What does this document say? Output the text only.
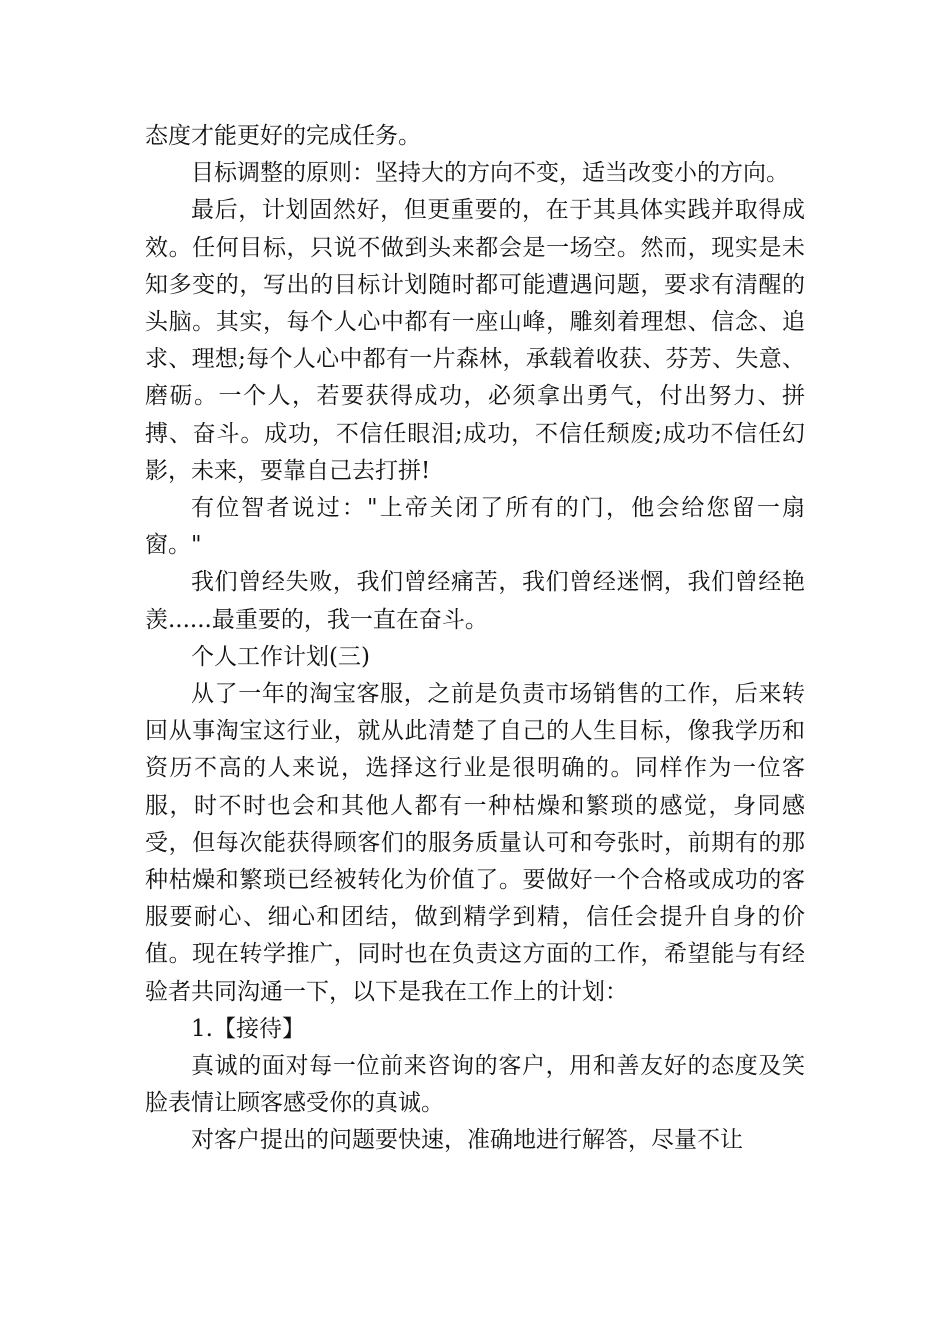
态度才能更好的完成任务。

目标调整的原则：坚持大的方向不变，适当改变小的方向。

最后，计划固然好，但更重要的，在于其具体实践并取得成效。任何目标，只说不做到头来都会是一场空。然而，现实是未知多变的，写出的目标计划随时都可能遭遇问题，要求有清醒的头脑。其实，每个人心中都有一座山峰，雕刻着理想、信念、追求、理想;每个人心中都有一片森林，承载着收获、芬芳、失意、磨砺。一个人，若要获得成功，必须拿出勇气，付出努力、拼搏、奋斗。成功，不信任眼泪;成功，不信任颓废;成功不信任幻影，未来，要靠自己去打拼!

有位智者说过："上帝关闭了所有的门，他会给您留一扇窗。"

我们曾经失败，我们曾经痛苦，我们曾经迷惘，我们曾经艳羡......最重要的，我一直在奋斗。

个人工作计划(三)

从了一年的淘宝客服，之前是负责市场销售的工作，后来转回从事淘宝这行业，就从此清楚了自己的人生目标，像我学历和资历不高的人来说，选择这行业是很明确的。同样作为一位客服，时不时也会和其他人都有一种枯燥和繁琐的感觉，身同感受，但每次能获得顾客们的服务质量认可和夸张时，前期有的那种枯燥和繁琐已经被转化为价值了。要做好一个合格或成功的客服要耐心、细心和团结，做到精学到精，信任会提升自身的价值。现在转学推广，同时也在负责这方面的工作，希望能与有经验者共同沟通一下，以下是我在工作上的计划：

1.【接待】

真诚的面对每一位前来咨询的客户，用和善友好的态度及笑脸表情让顾客感受你的真诚。

对客户提出的问题要快速，准确地进行解答，尽量不让
